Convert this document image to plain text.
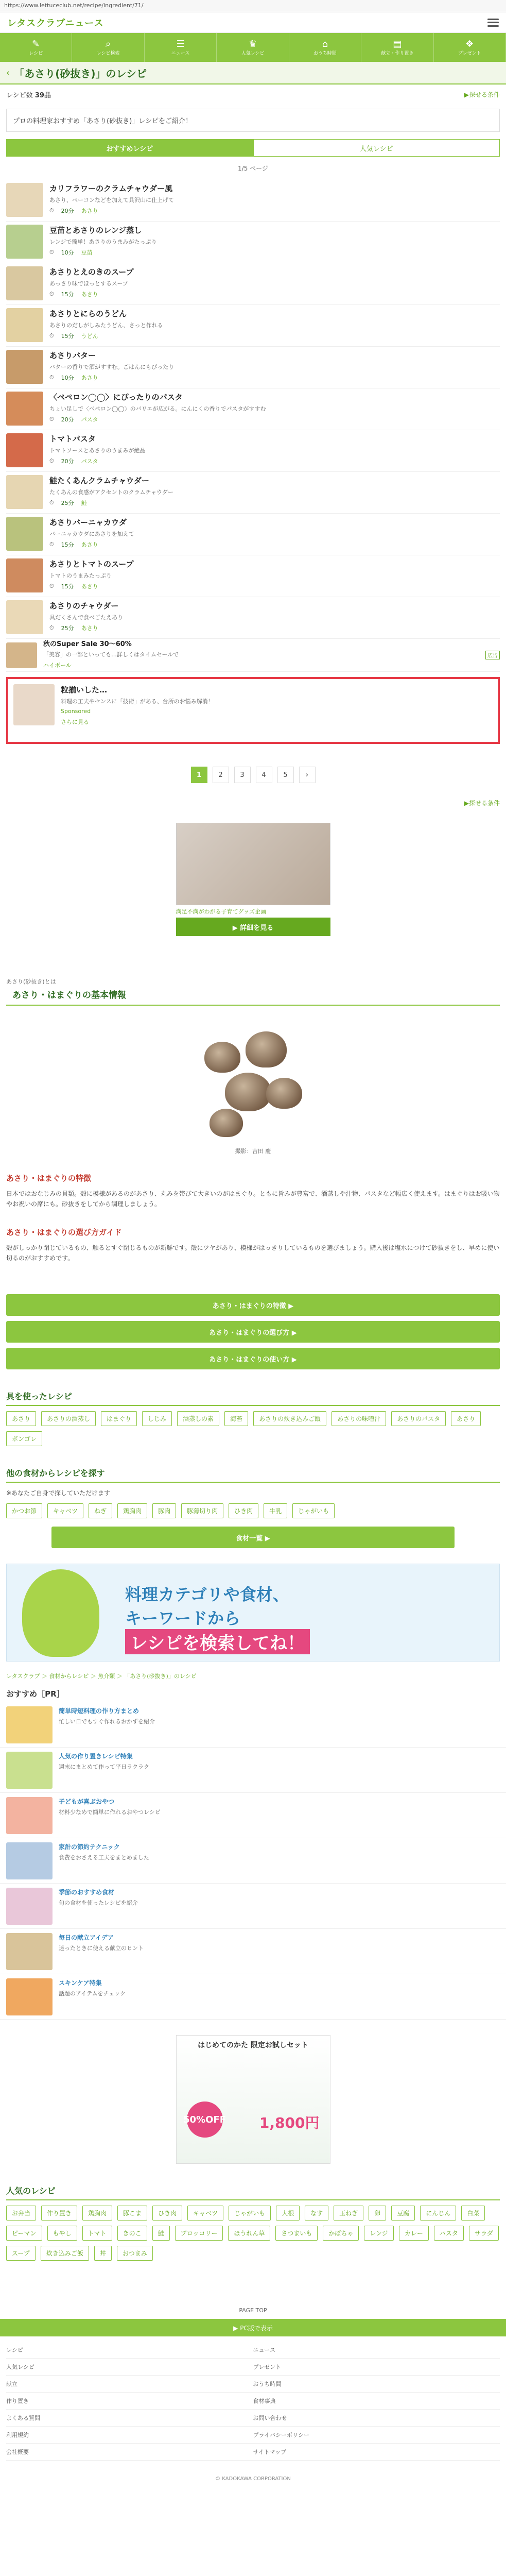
https://www.lettuceclub.net/recipe/ingredient/71/
レタスクラブニュース
✎
レシピ
⌕
レシピ検索
☰
ニュース
♛
人気レシピ
⌂
おうち時間
▤
献立・作り置き
❖
プレゼント
‹ 「あさり(砂抜き)」のレシピ
レシピ数 39品	▶探せる条件
プロの料理家おすすめ「あさり(砂抜き)」レシピをご紹介！
おすすめレシピ	人気レシピ
1/5 ページ
カリフラワーのクラムチャウダー風
あさり、ベーコンなどを加えて具沢山に仕上げて
⏱ 20分 あさり
豆苗とあさりのレンジ蒸し
レンジで簡単！あさりのうまみがたっぷり
⏱ 10分 豆苗
あさりとえのきのスープ
あっさり味でほっとするスープ
⏱ 15分 あさり
あさりとにらのうどん
あさりのだしがしみたうどん、さっと作れる
⏱ 15分 うどん
あさりバター
バターの香りで酒がすすむ。ごはんにもぴったり
⏱ 10分 あさり
〈ペペロン◯◯〉にぴったりのパスタ
ちょい足しで〈ペペロン◯◯〉のバリエが広がる。にんにくの香りでパスタがすすむ
⏱ 20分 パスタ
トマトパスタ
トマトソースとあさりのうまみが絶品
⏱ 20分 パスタ
鮭たくあんクラムチャウダー
たくあんの食感がアクセントのクラムチャウダー
⏱ 25分 鮭
あさりバーニャカウダ
バーニャカウダにあさりを加えて
⏱ 15分 あさり
あさりとトマトのスープ
トマトのうまみたっぷり
⏱ 15分 あさり
あさりのチャウダー
具だくさんで食べごたえあり
⏱ 25分 あさり
秋のSuper Sale 30〜60%
「美容」の一部といっても…詳しくはタイムセールで
ハイボール
広告
粒揃いした…
料理の工夫やセンスに「技術」がある、台所のお悩み解消！
Sponsored
さらに見る
1	2	3	4	5	›
▶探せる条件
満足不満がわがる子育てグッズ企画
▶ 詳細を見る
あさり(砂抜き)とは
あさり・はまぐりの基本情報
撮影：吉田 慶
あさり・はまぐりの特徴
日本ではおなじみの貝類。殻に模様があるのがあさり、丸みを帯びて大きいのがはまぐり。ともに旨みが豊富で、酒蒸しや汁物、パスタなど幅広く使えます。はまぐりはお吸い物やお祝いの席にも。砂抜きをしてから調理しましょう。
あさり・はまぐりの選び方ガイド
殻がしっかり閉じているもの、触るとすぐ閉じるものが新鮮です。殻にツヤがあり、模様がはっきりしているものを選びましょう。購入後は塩水につけて砂抜きをし、早めに使い切るのがおすすめです。
あさり・はまぐりの特徴 ▶
あさり・はまぐりの選び方 ▶
あさり・はまぐりの使い方 ▶
具を使ったレシピ
あさり	あさりの酒蒸し	はまぐり	しじみ	酒蒸しの素	海苔	あさりの炊き込みご飯	あさりの味噌汁	あさりのパスタ	あさり
ボンゴレ
他の食材からレシピを探す
※あなたご自身で探していただけます
かつお節	キャベツ	ねぎ	鶏胸肉	豚肉	豚薄切り肉	ひき肉	牛乳	じゃがいも
食材一覧 ▶
料理カテゴリや食材、
キーワードから
レシピを検索してね！
レタスクラブ ＞ 食材からレシピ ＞ 魚介類 ＞ 「あさり(砂抜き)」のレシピ
おすすめ［PR］
簡単時短料理の作り方まとめ
忙しい日でもすぐ作れるおかずを紹介
人気の作り置きレシピ特集
週末にまとめて作って平日ラクラク
子どもが喜ぶおやつ
材料少なめで簡単に作れるおやつレシピ
家計の節約テクニック
食費をおさえる工夫をまとめました
季節のおすすめ食材
旬の食材を使ったレシピを紹介
毎日の献立アイデア
迷ったときに使える献立のヒント
スキンケア特集
話題のアイテムをチェック
はじめてのかた 限定お試しセット
50%OFF 1,800円
人気のレシピ
お弁当	作り置き	鶏胸肉	豚こま	ひき肉	キャベツ	じゃがいも	大根	なす	玉ねぎ	卵	豆腐	にんじん	白菜
ピーマン	もやし	トマト	きのこ	鮭	ブロッコリー	ほうれん草	さつまいも	かぼちゃ	レンジ	カレー	パスタ	サラダ
スープ	炊き込みご飯	丼	おつまみ
PAGE TOP
▶ PC版で表示
レシピ	ニュース
人気レシピ	プレゼント
献立	おうち時間
作り置き	食材事典
よくある質問	お問い合わせ
利用規約	プライバシーポリシー
会社概要	サイトマップ
© KADOKAWA CORPORATION
